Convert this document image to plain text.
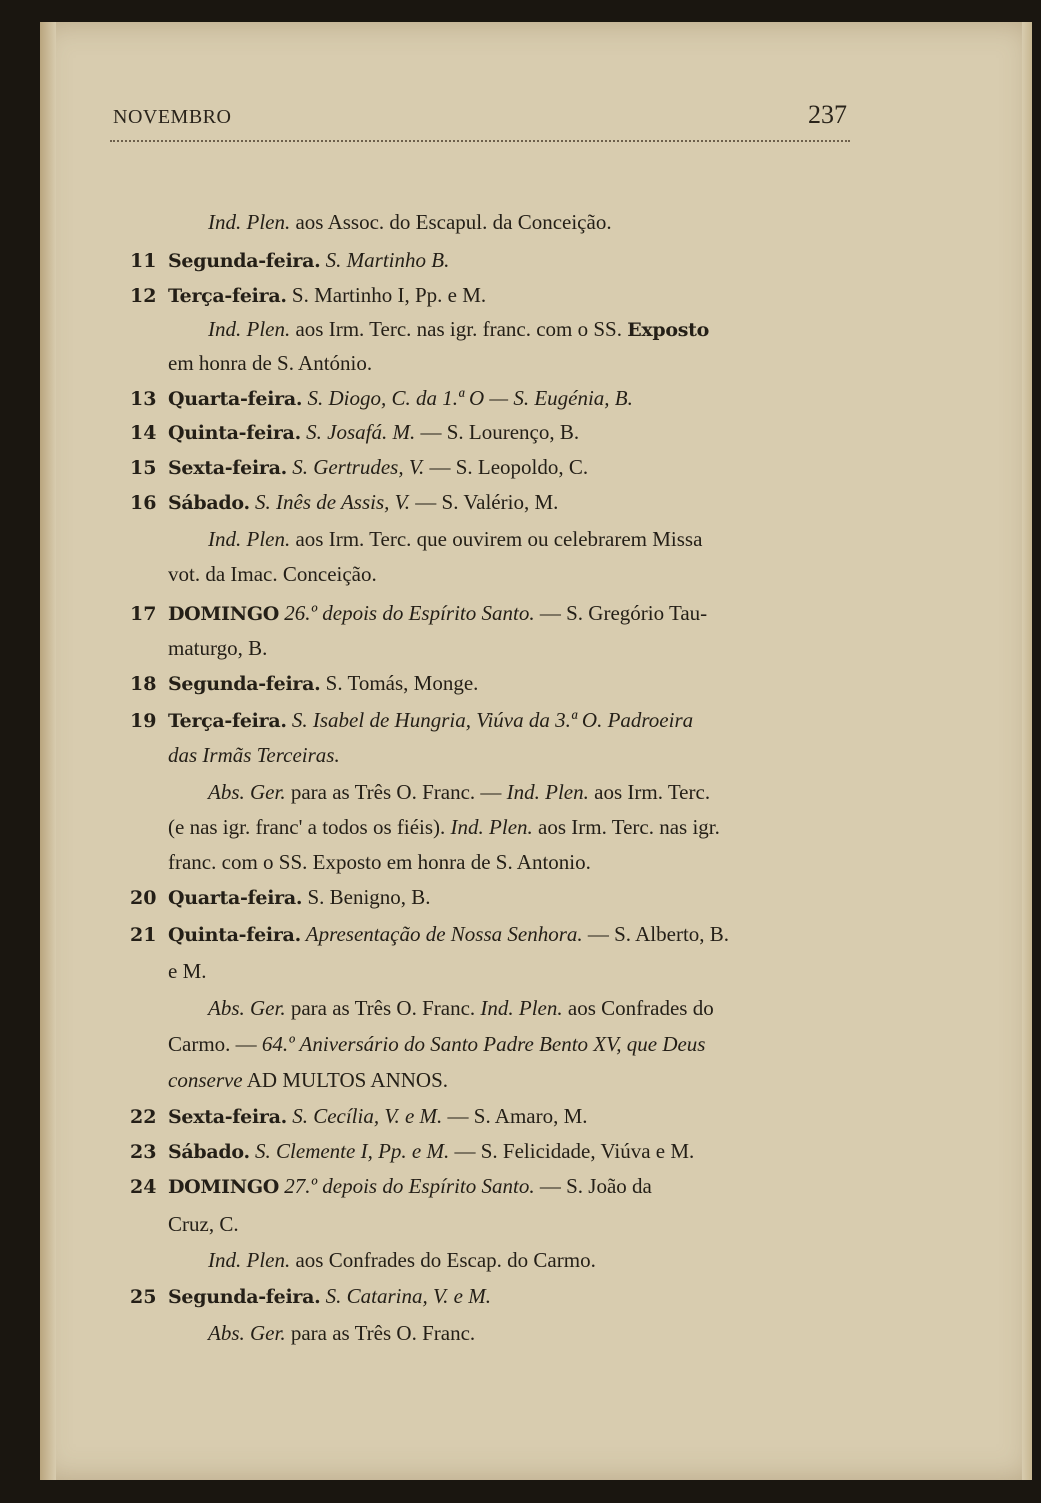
NOVEMBRO	237
Ind. Plen. aos Assoc. do Escapul. da Conceição.
11 Segunda-feira. S. Martinho B.
12 Terça-feira. S. Martinho I, Pp. e M.
Ind. Plen. aos Irm. Terc. nas igr. franc. com o SS. Exposto
em honra de S. António.
13 Quarta-feira. S. Diogo, C. da 1.ª O — S. Eugénia, B.
14 Quinta-feira. S. Josafá. M. — S. Lourenço, B.
15 Sexta-feira. S. Gertrudes, V. — S. Leopoldo, C.
16 Sábado. S. Inês de Assis, V. — S. Valério, M.
Ind. Plen. aos Irm. Terc. que ouvirem ou celebrarem Missa
vot. da Imac. Conceição.
17 DOMINGO 26.º depois do Espírito Santo. — S. Gregório Tau-
maturgo, B.
18 Segunda-feira. S. Tomás, Monge.
19 Terça-feira. S. Isabel de Hungria, Viúva da 3.ª O. Padroeira
das Irmãs Terceiras.
Abs. Ger. para as Três O. Franc. — Ind. Plen. aos Irm. Terc.
(e nas igr. franc' a todos os fiéis). Ind. Plen. aos Irm. Terc. nas igr.
franc. com o SS. Exposto em honra de S. Antonio.
20 Quarta-feira. S. Benigno, B.
21 Quinta-feira. Apresentação de Nossa Senhora. — S. Alberto, B.
e M.
Abs. Ger. para as Três O. Franc. Ind. Plen. aos Confrades do
Carmo. — 64.º Aniversário do Santo Padre Bento XV, que Deus
conserve AD MULTOS ANNOS.
22 Sexta-feira. S. Cecília, V. e M. — S. Amaro, M.
23 Sábado. S. Clemente I, Pp. e M. — S. Felicidade, Viúva e M.
24 DOMINGO 27.º depois do Espírito Santo. — S. João da
Cruz, C.
Ind. Plen. aos Confrades do Escap. do Carmo.
25 Segunda-feira. S. Catarina, V. e M.
Abs. Ger. para as Três O. Franc.
